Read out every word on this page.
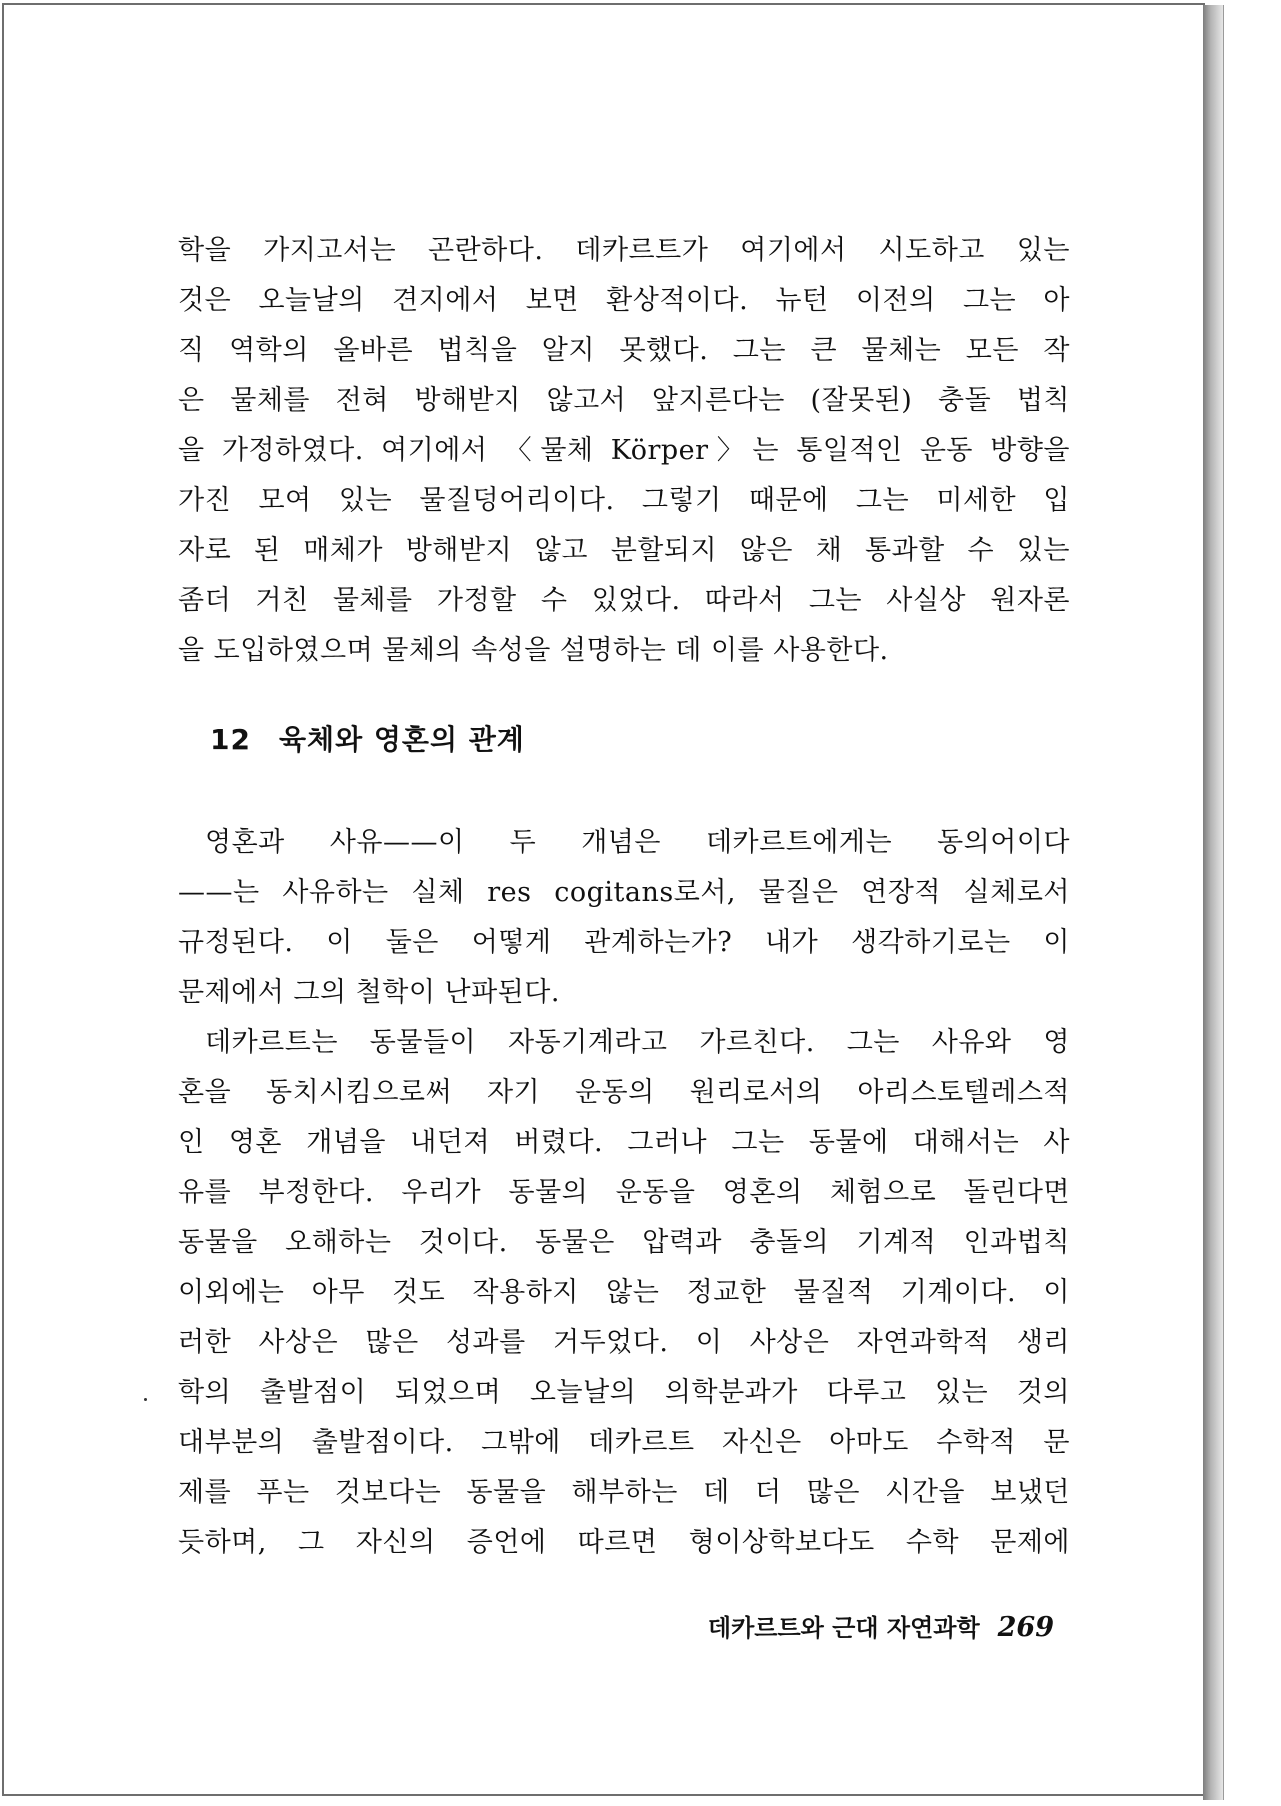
학을 가지고서는 곤란하다. 데카르트가 여기에서 시도하고 있는

것은 오늘날의 견지에서 보면 환상적이다. 뉴턴 이전의 그는 아

직 역학의 올바른 법칙을 알지 못했다. 그는 큰 물체는 모든 작

은 물체를 전혀 방해받지 않고서 앞지른다는 (잘못된) 충돌 법칙

을 가정하였다. 여기에서 〈물체 Körper〉는 통일적인 운동 방향을

가진 모여 있는 물질덩어리이다. 그렇기 때문에 그는 미세한 입

자로 된 매체가 방해받지 않고 분할되지 않은 채 통과할 수 있는

좀더 거친 물체를 가정할 수 있었다. 따라서 그는 사실상 원자론

을 도입하였으며 물체의 속성을 설명하는 데 이를 사용한다.

12 육체와 영혼의 관계

영혼과 사유——이 두 개념은 데카르트에게는 동의어이다

——는 사유하는 실체 res cogitans로서, 물질은 연장적 실체로서

규정된다. 이 둘은 어떻게 관계하는가? 내가 생각하기로는 이

문제에서 그의 철학이 난파된다.

데카르트는 동물들이 자동기계라고 가르친다. 그는 사유와 영

혼을 동치시킴으로써 자기 운동의 원리로서의 아리스토텔레스적

인 영혼 개념을 내던져 버렸다. 그러나 그는 동물에 대해서는 사

유를 부정한다. 우리가 동물의 운동을 영혼의 체험으로 돌린다면

동물을 오해하는 것이다. 동물은 압력과 충돌의 기계적 인과법칙

이외에는 아무 것도 작용하지 않는 정교한 물질적 기계이다. 이

러한 사상은 많은 성과를 거두었다. 이 사상은 자연과학적 생리

학의 출발점이 되었으며 오늘날의 의학분과가 다루고 있는 것의

대부분의 출발점이다. 그밖에 데카르트 자신은 아마도 수학적 문

제를 푸는 것보다는 동물을 해부하는 데 더 많은 시간을 보냈던

듯하며, 그 자신의 증언에 따르면 형이상학보다도 수학 문제에

데카르트와 근대 자연과학 269
